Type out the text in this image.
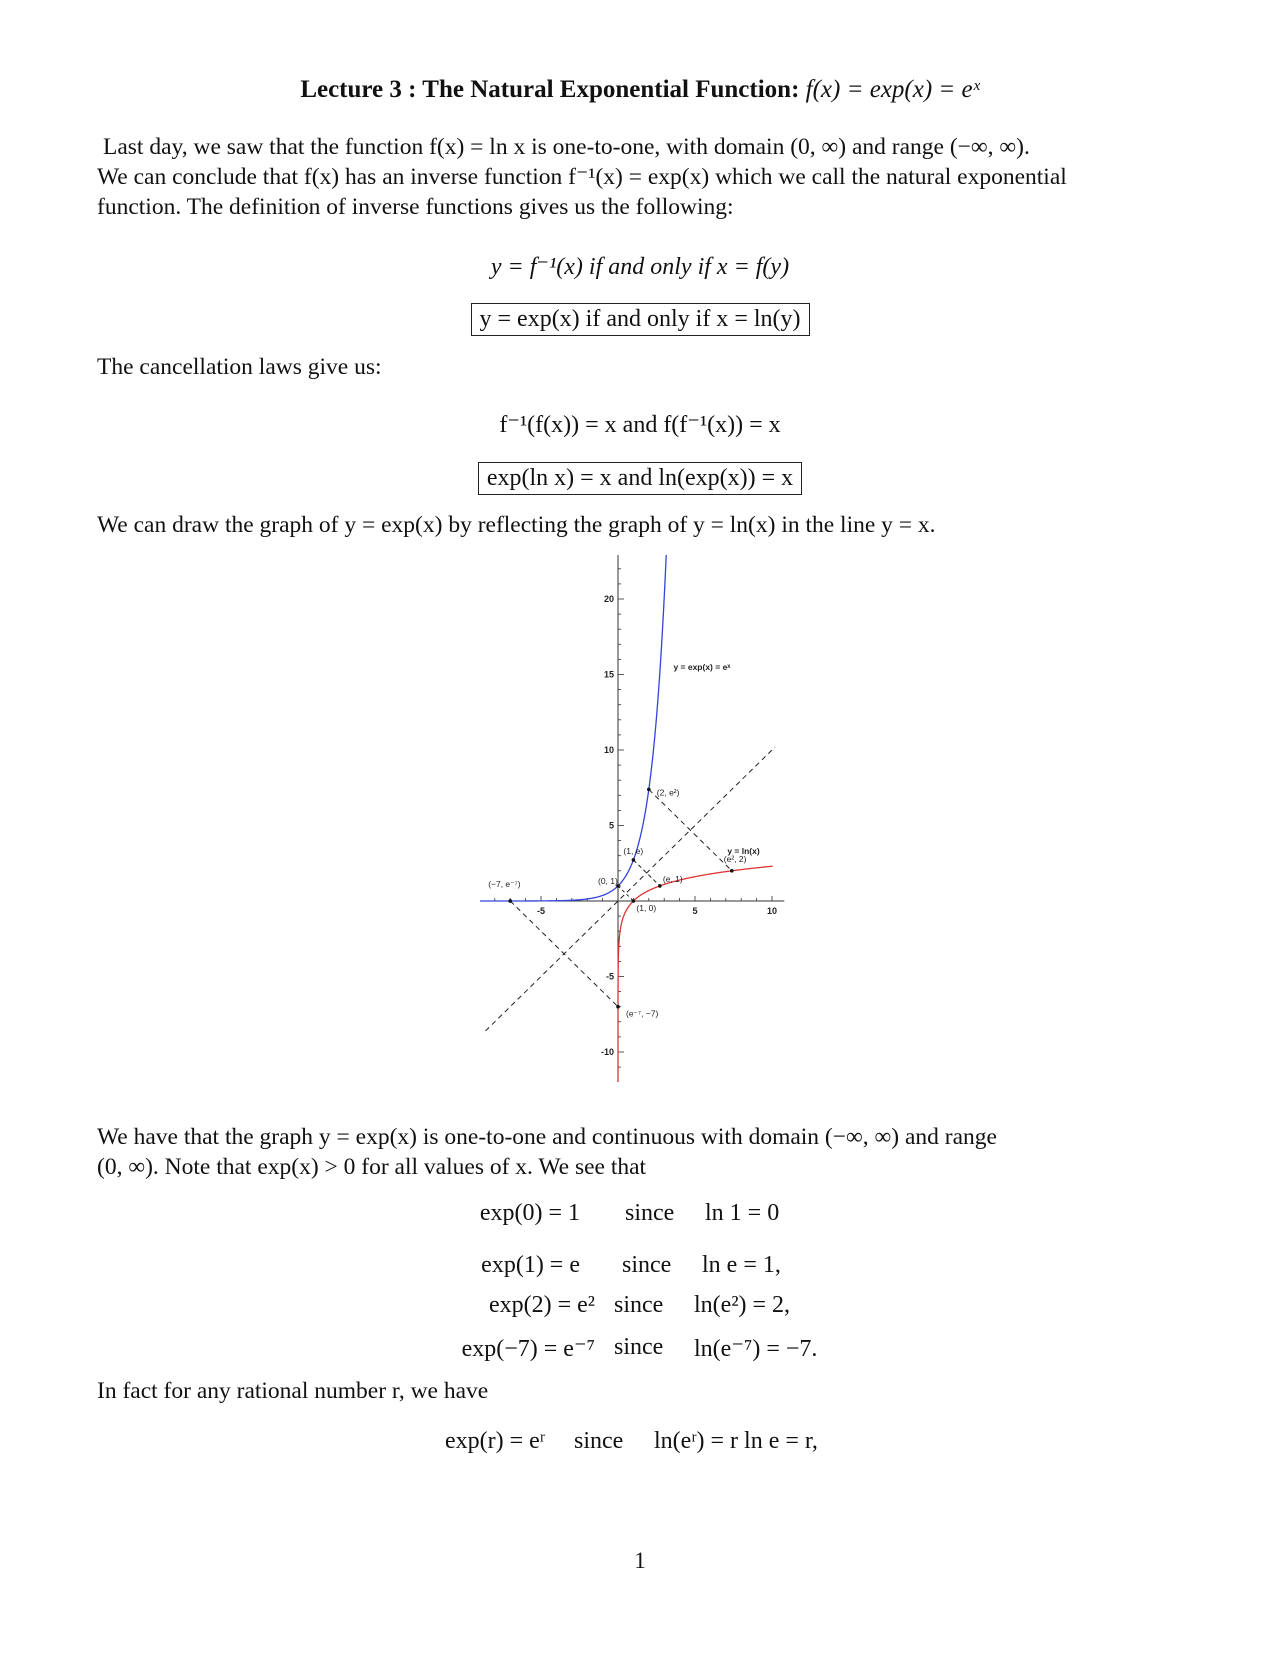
Lecture 3 : The Natural Exponential Function: f(x) = exp(x) = eˣ

Last day, we saw that the function f(x) = ln x is one-to-one, with domain (0, ∞) and range (−∞, ∞).

We can conclude that f(x) has an inverse function f⁻¹(x) = exp(x) which we call the natural exponential

function. The definition of inverse functions gives us the following:

y = f⁻¹(x) if and only if x = f(y)
y = exp(x) if and only if x = ln(y)
The cancellation laws give us:
f⁻¹(f(x)) = x and f(f⁻¹(x)) = x
exp(ln x) = x and ln(exp(x)) = x
We can draw the graph of y = exp(x) by reflecting the graph of y = ln(x) in the line y = x.
-5	5	10
20
15
10
5
-5
-10
(2, e²)
(1, e)
(0, 1)
(−7, e⁻⁷)
(e, 1)
(1, 0)
(e², 2)
(e⁻⁷, −7)
y = exp(x) = eˣ
y = ln(x)

We have that the graph y = exp(x) is one-to-one and continuous with domain (−∞, ∞) and range

(0, ∞). Note that exp(x) > 0 for all values of x. We see that

exp(0) = 1 since ln 1 = 0
exp(1) = e since ln e = 1,
exp(2) = e² since ln(e²) = 2,
exp(−7) = e⁻⁷ since ln(e⁻⁷) = −7.
In fact for any rational number r, we have
exp(r) = eʳ since ln(eʳ) = r ln e = r,
1
